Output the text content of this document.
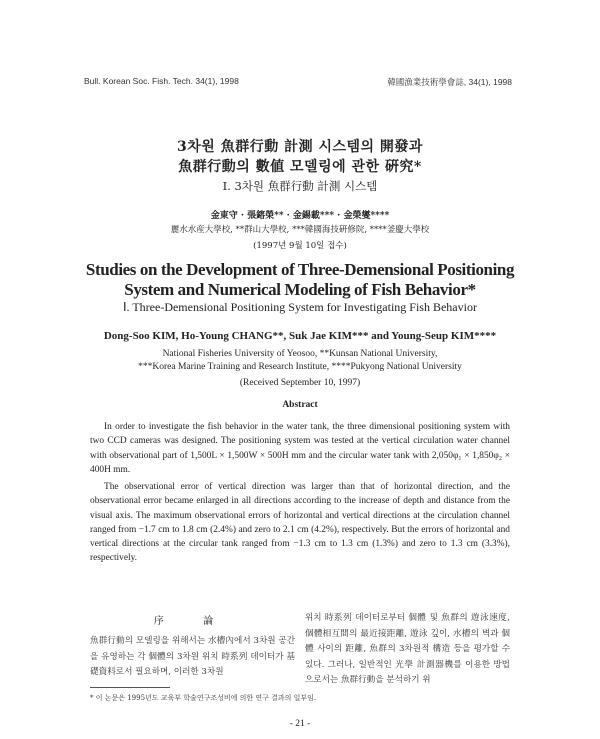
Bull. Korean Soc. Fish. Tech. 34(1), 1998	韓國漁業技術學會誌, 34(1), 1998
3차원 魚群行動 計測 시스템의 開發과
魚群行動의 數値 모델링에 관한 硏究*
Ⅰ. 3차원 魚群行動 計測 시스템
金東守 · 張鎔榮** · 金錫載*** · 金榮燮****
麗水水産大學校, **群山大學校, ***韓國海技硏修院, ****釜慶大學校
(1997년 9월 10일 접수)
Studies on the Development of Three-Demensional Positioning
System and Numerical Modeling of Fish Behavior*
Ⅰ. Three-Demensional Positioning System for Investigating Fish Behavior
Dong-Soo KIM, Ho-Young CHANG**, Suk Jae KIM*** and Young-Seup KIM****
National Fisheries University of Yeosoo, **Kunsan National University,
***Korea Marine Training and Research Institute, ****Pukyong National University
(Received September 10, 1997)
Abstract

In order to investigate the fish behavior in the water tank, the three dimensional positioning system with two CCD cameras was designed. The positioning system was tested at the vertical circulation water channel with observational part of 1,500L × 1,500W × 500H mm and the circular water tank with 2,050φ₁ × 1,850φ₂ × 400H mm.

The observational error of vertical direction was larger than that of horizontal direction, and the observational error became enlarged in all directions according to the increase of depth and distance from the visual axis. The maximum observational errors of horizontal and vertical directions at the circulation channel ranged from −1.7 cm to 1.8 cm (2.4%) and zero to 2.1 cm (4.2%), respectively. But the errors of horizontal and vertical directions at the circular tank ranged from −1.3 cm to 1.3 cm (1.3%) and zero to 1.3 cm (3.3%), respectively.

序 論

魚群行動의 모델링을 위해서는 水槽內에서 3차원 공간을 유영하는 각 個體의 3차원 위치 時系列 데이터가 基礎資料로서 필요하며, 이러한 3차원

위치 時系列 데이터로부터 個體 및 魚群의 遊泳速度, 個體相互間의 最近接距離, 遊泳 깊이, 水槽의 벽과 個體 사이의 距離, 魚群의 3차원적 構造 등을 평가할 수 있다. 그러나, 일반적인 光學 計測器機를 이용한 방법으로서는 魚群行動을 분석하기 위

* 이 논문은 1995년도 교육부 학술연구조성비에 의한 연구 결과의 일부임.
- 21 -
